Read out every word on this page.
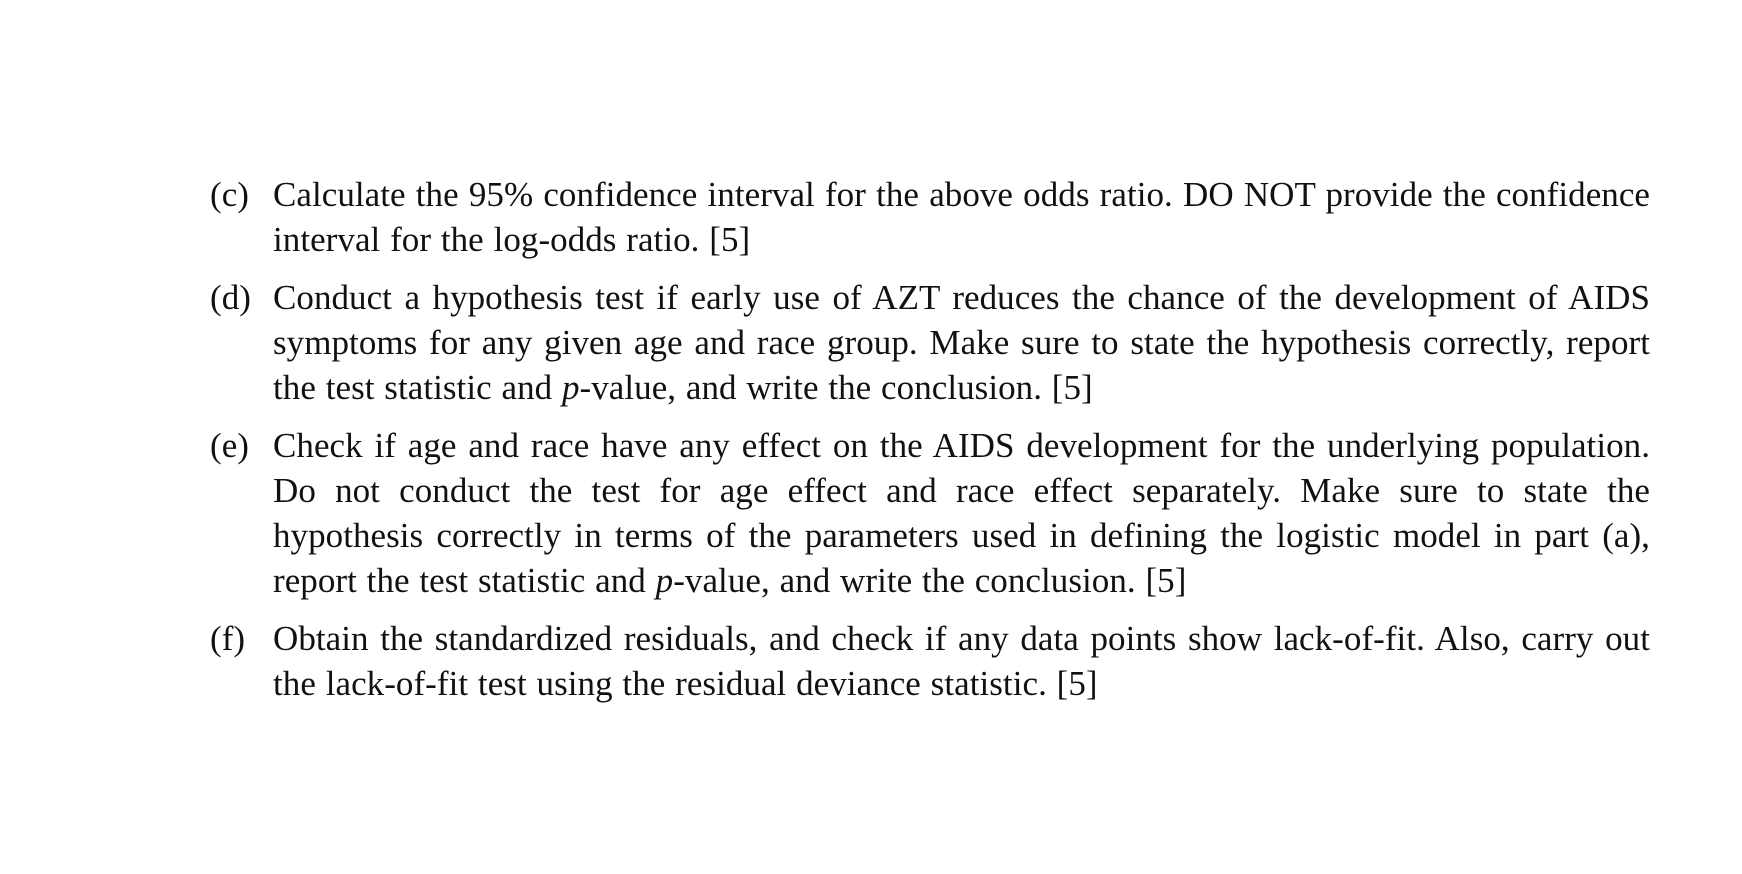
(c) Calculate the 95% confidence interval for the above odds ratio. DO NOT provide the confidence interval for the log-odds ratio. [5]
(d) Conduct a hypothesis test if early use of AZT reduces the chance of the development of AIDS symptoms for any given age and race group. Make sure to state the hypothesis correctly, report the test statistic and p-value, and write the conclusion. [5]
(e) Check if age and race have any effect on the AIDS development for the underlying population. Do not conduct the test for age effect and race effect separately. Make sure to state the hypothesis correctly in terms of the parameters used in defining the logistic model in part (a), report the test statistic and p-value, and write the conclusion. [5]
(f) Obtain the standardized residuals, and check if any data points show lack-of-fit. Also, carry out the lack-of-fit test using the residual deviance statistic. [5]
